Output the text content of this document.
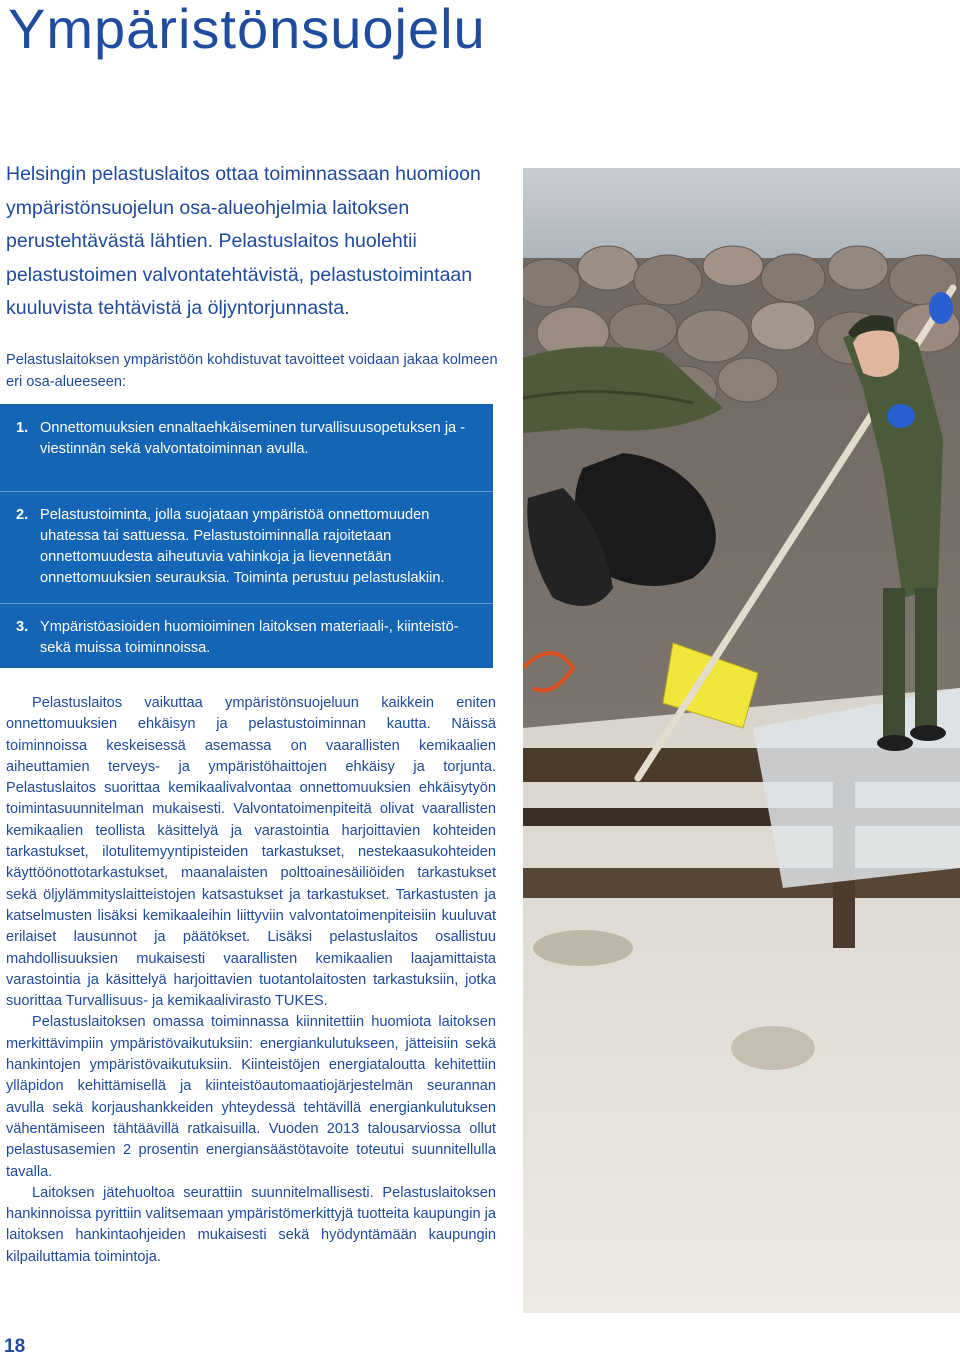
Ympäristönsuojelu

Helsingin pelastuslaitos ottaa toiminnassaan huomioon ympäristönsuojelun osa-alueohjelmia laitoksen perustehtävästä lähtien. Pelastuslaitos huolehtii pelastustoimen valvontatehtävistä, pelastustoimintaan kuuluvista tehtävistä ja öljyntorjunnasta.

Pelastuslaitoksen ympäristöön kohdistuvat tavoitteet voidaan jakaa kolmeen eri osa-alueeseen:

1. Onnettomuuksien ennaltaehkäiseminen turvallisuusopetuksen ja -viestinnän sekä valvontatoiminnan avulla.
2. Pelastustoiminta, jolla suojataan ympäristöä onnettomuuden uhatessa tai sattuessa. Pelastustoiminnalla rajoitetaan onnettomuudesta aiheutuvia vahinkoja ja lievennetään onnettomuuksien seurauksia. Toiminta perustuu pelastuslakiin.
3. Ympäristöasioiden huomioiminen laitoksen materiaali-, kiinteistö- sekä muissa toiminnoissa.

Pelastuslaitos vaikuttaa ympäristönsuojeluun kaikkein eniten onnettomuuksien ehkäisyn ja pelastustoiminnan kautta. Näissä toiminnoissa keskeisessä asemassa on vaarallisten kemikaalien aiheuttamien terveys- ja ympäristöhaittojen ehkäisy ja torjunta. Pelastuslaitos suorittaa kemikaalivalvontaa onnettomuuksien ehkäisytyön toimintasuunnitelman mukaisesti. Valvontatoimenpiteitä olivat vaarallisten kemikaalien teollista käsittelyä ja varastointia harjoittavien kohteiden tarkastukset, ilotulitemyyntipisteiden tarkastukset, nestekaasukohteiden käyttöönottotarkastukset, maanalaisten polttoainesäiliöiden tarkastukset sekä öljylämmityslaitteistojen katsastukset ja tarkastukset. Tarkastusten ja katselmusten lisäksi kemikaaleihin liittyviin valvontatoimenpiteisiin kuuluvat erilaiset lausunnot ja päätökset. Lisäksi pelastuslaitos osallistuu mahdollisuuksien mukaisesti vaarallisten kemikaalien laajamittaista varastointia ja käsittelyä harjoittavien tuotantolaitosten tarkastuksiin, jotka suorittaa Turvallisuus- ja kemikaalivirasto TUKES.

Pelastuslaitoksen omassa toiminnassa kiinnitettiin huomiota laitoksen merkittävimpiin ympäristövaikutuksiin: energiankulutukseen, jätteisiin sekä hankintojen ympäristövaikutuksiin. Kiinteistöjen energiataloutta kehitettiin ylläpidon kehittämisellä ja kiinteistöautomaatiojärjestelmän seurannan avulla sekä korjaushankkeiden yhteydessä tehtävillä energiankulutuksen vähentämiseen tähtäävillä ratkaisuilla. Vuoden 2013 talousarviossa ollut pelastusasemien 2 prosentin energiansäästötavoite toteutui suunnitellulla tavalla.

Laitoksen jätehuoltoa seurattiin suunnitelmallisesti. Pelastuslaitoksen hankinnoissa pyrittiin valitsemaan ympäristömerkittyjä tuotteita kaupungin ja laitoksen hankintaohjeiden mukaisesti sekä hyödyntämään kaupungin kilpailuttamia toimintoja.

18
